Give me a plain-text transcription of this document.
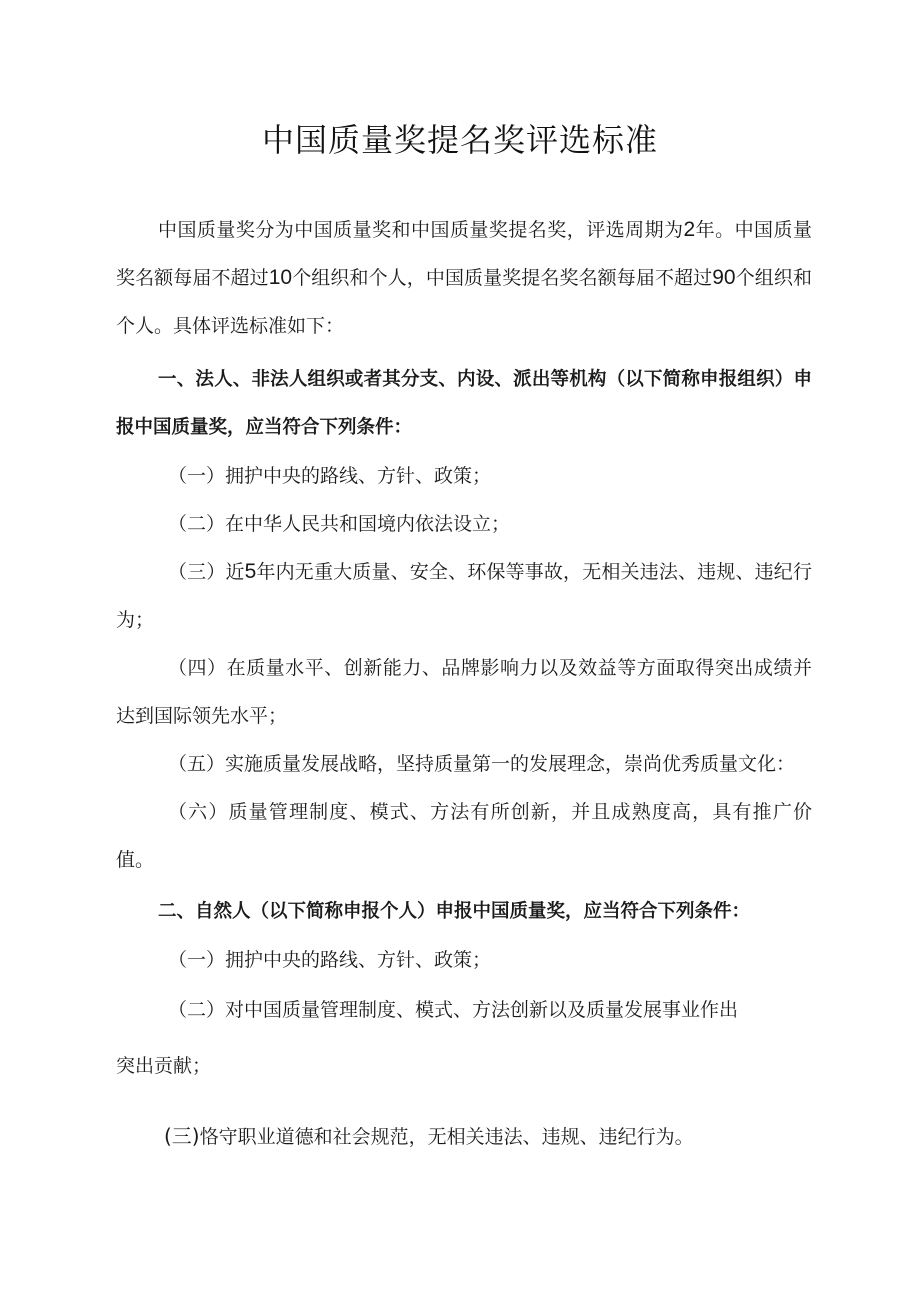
中国质量奖提名奖评选标准
中国质量奖分为中国质量奖和中国质量奖提名奖，评选周期为2年。中国质量奖名额每届不超过10个组织和个人，中国质量奖提名奖名额每届不超过90个组织和个人。具体评选标准如下：
一、法人、非法人组织或者其分支、内设、派出等机构（以下简称申报组织）申报中国质量奖，应当符合下列条件：
（一）拥护中央的路线、方针、政策；
（二）在中华人民共和国境内依法设立；
（三）近5年内无重大质量、安全、环保等事故，无相关违法、违规、违纪行为；
（四）在质量水平、创新能力、品牌影响力以及效益等方面取得突出成绩并达到国际领先水平；
（五）实施质量发展战略，坚持质量第一的发展理念，崇尚优秀质量文化：
（六）质量管理制度、模式、方法有所创新，并且成熟度高，具有推广价值。
二、自然人（以下简称申报个人）申报中国质量奖，应当符合下列条件：
（一）拥护中央的路线、方针、政策；
（二）对中国质量管理制度、模式、方法创新以及质量发展事业作出
突出贡献；
(三)恪守职业道德和社会规范，无相关违法、违规、违纪行为。
